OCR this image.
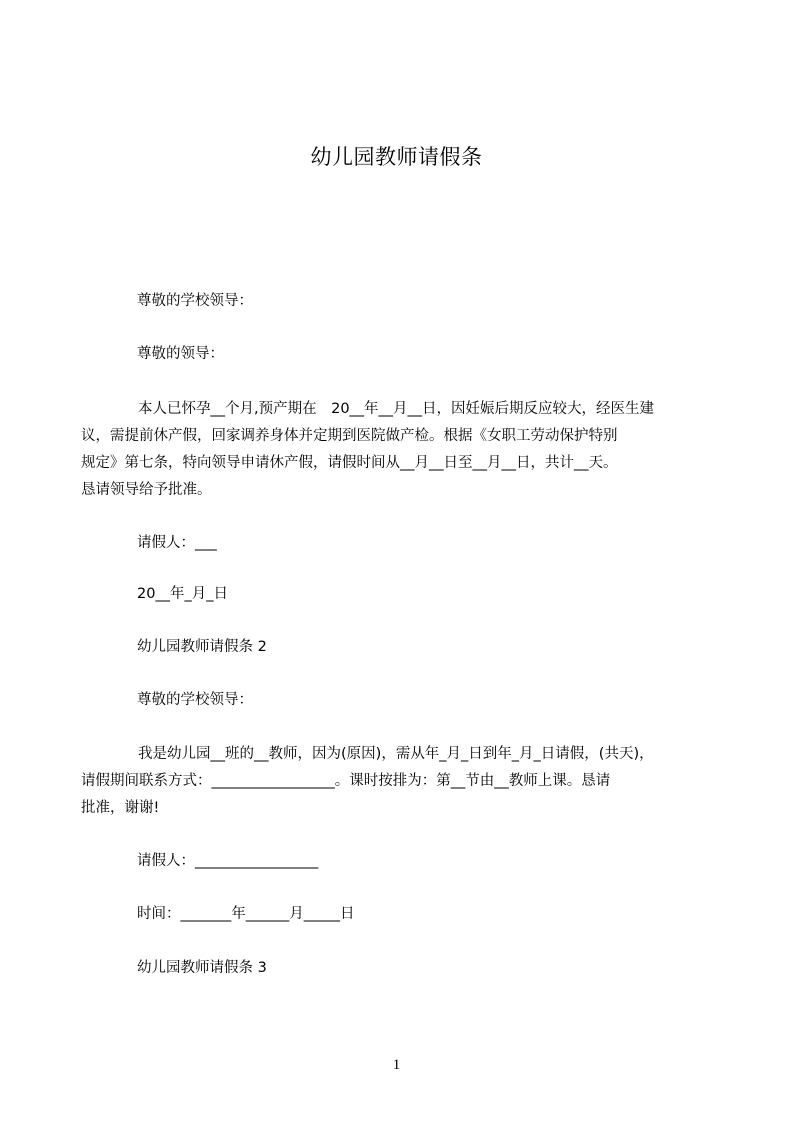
幼儿园教师请假条
尊敬的学校领导：
尊敬的领导：

本人已怀孕__个月,预产期在　20__年__月__日，因妊娠后期反应较大，经医生建

议，需提前休产假，回家调养身体并定期到医院做产检。根据《女职工劳动保护特别

规定》第七条，特向领导申请休产假，请假时间从__月__日至__月__日，共计__天。

恳请领导给予批准。

请假人：___
20__年_月_日
幼儿园教师请假条 2
尊敬的学校领导：

我是幼儿园__班的__教师，因为(原因)，需从年_月_日到年_月_日请假，(共天)，

请假期间联系方式：_________________。课时按排为：第__节由__教师上课。恳请

批准，谢谢!

请假人：_________________
时间：_______年______月_____日
幼儿园教师请假条 3
1
